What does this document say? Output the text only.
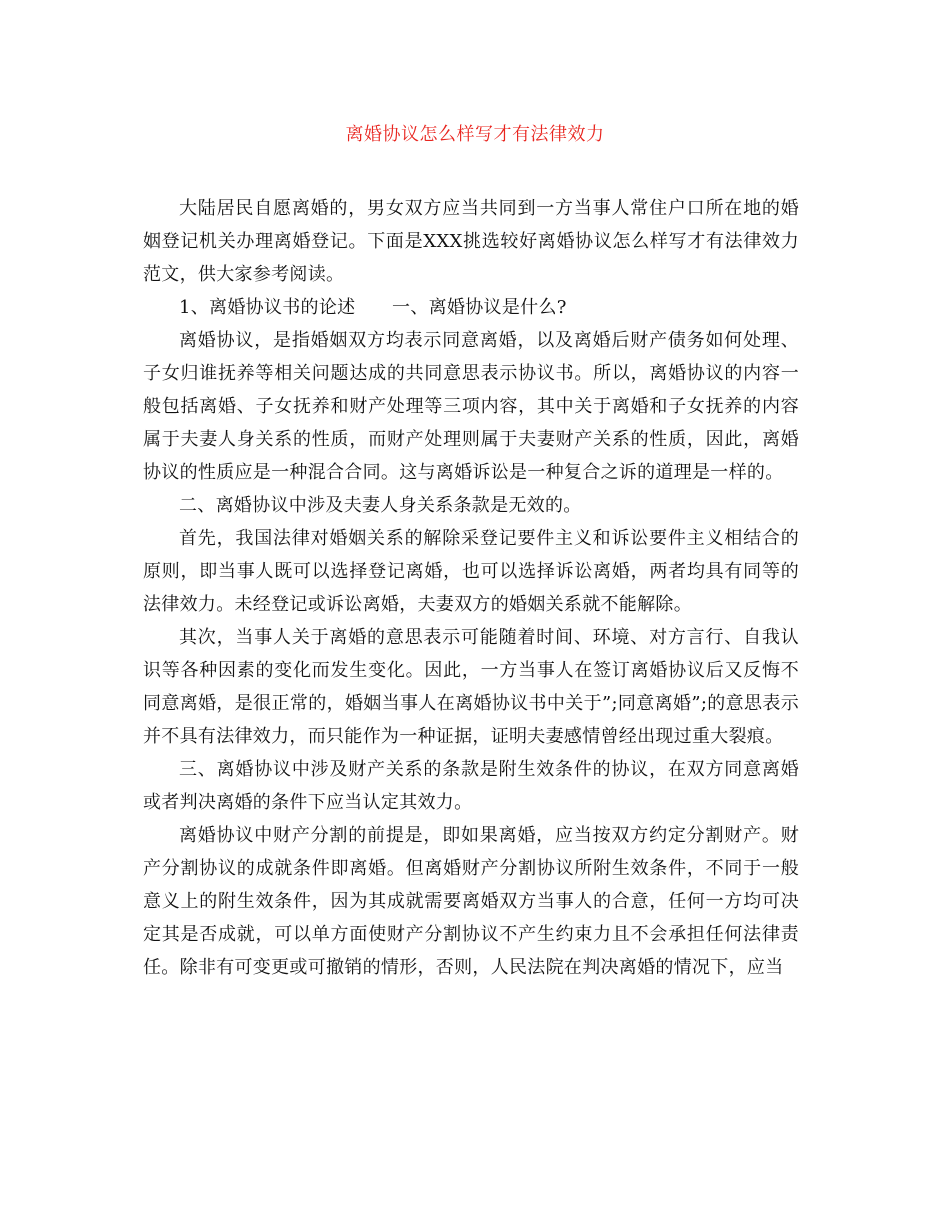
离婚协议怎么样写才有法律效力

大陆居民自愿离婚的，男女双方应当共同到一方当事人常住户口所在地的婚姻登记机关办理离婚登记。下面是XXX挑选较好离婚协议怎么样写才有法律效力范文，供大家参考阅读。

1、离婚协议书的论述　　一、离婚协议是什么?

离婚协议，是指婚姻双方均表示同意离婚，以及离婚后财产债务如何处理、子女归谁抚养等相关问题达成的共同意思表示协议书。所以，离婚协议的内容一般包括离婚、子女抚养和财产处理等三项内容，其中关于离婚和子女抚养的内容属于夫妻人身关系的性质，而财产处理则属于夫妻财产关系的性质，因此，离婚协议的性质应是一种混合合同。这与离婚诉讼是一种复合之诉的道理是一样的。

二、离婚协议中涉及夫妻人身关系条款是无效的。

首先，我国法律对婚姻关系的解除采登记要件主义和诉讼要件主义相结合的原则，即当事人既可以选择登记离婚，也可以选择诉讼离婚，两者均具有同等的法律效力。未经登记或诉讼离婚，夫妻双方的婚姻关系就不能解除。

其次，当事人关于离婚的意思表示可能随着时间、环境、对方言行、自我认识等各种因素的变化而发生变化。因此，一方当事人在签订离婚协议后又反悔不同意离婚，是很正常的，婚姻当事人在离婚协议书中关于”;同意离婚”;的意思表示并不具有法律效力，而只能作为一种证据，证明夫妻感情曾经出现过重大裂痕。

三、离婚协议中涉及财产关系的条款是附生效条件的协议，在双方同意离婚或者判决离婚的条件下应当认定其效力。

离婚协议中财产分割的前提是，即如果离婚，应当按双方约定分割财产。财产分割协议的成就条件即离婚。但离婚财产分割协议所附生效条件，不同于一般意义上的附生效条件，因为其成就需要离婚双方当事人的合意，任何一方均可决定其是否成就，可以单方面使财产分割协议不产生约束力且不会承担任何法律责任。除非有可变更或可撤销的情形，否则，人民法院在判决离婚的情况下，应当
